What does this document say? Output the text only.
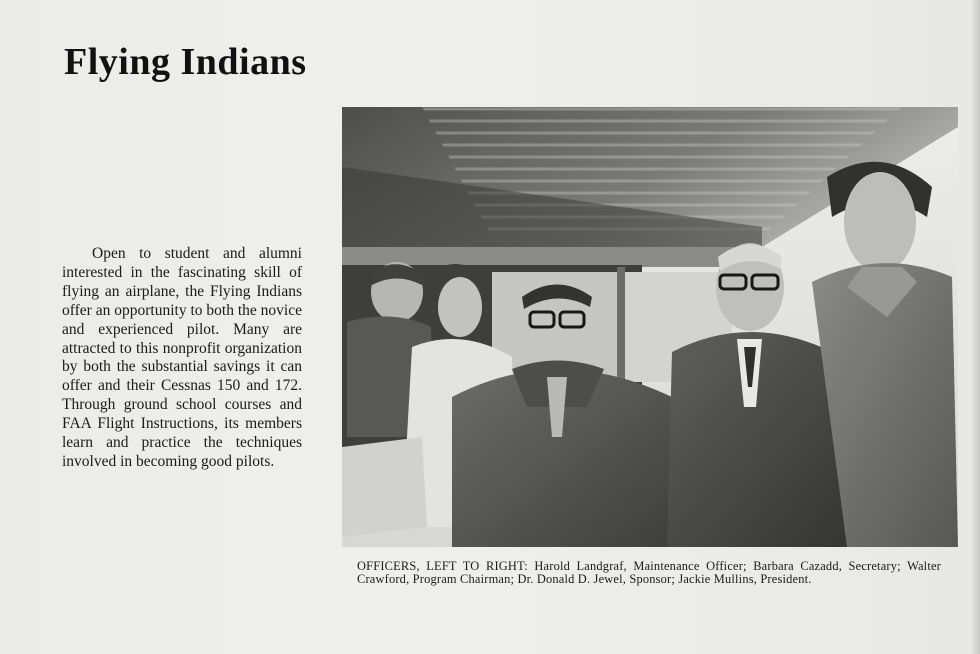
Flying Indians

Open to student and alumni interested in the fascinating skill of flying an airplane, the Flying Indians offer an opportunity to both the novice and experienced pilot. Many are attracted to this nonprofit organization by both the substantial savings it can offer and their Cessnas 150 and 172. Through ground school courses and FAA Flight Instructions, its members learn and practice the techniques involved in becoming good pilots.

OFFICERS, LEFT TO RIGHT: Harold Landgraf, Maintenance Officer; Barbara Cazadd, Secretary; Walter Crawford, Program Chairman; Dr. Donald D. Jewel, Sponsor; Jackie Mullins, President.
